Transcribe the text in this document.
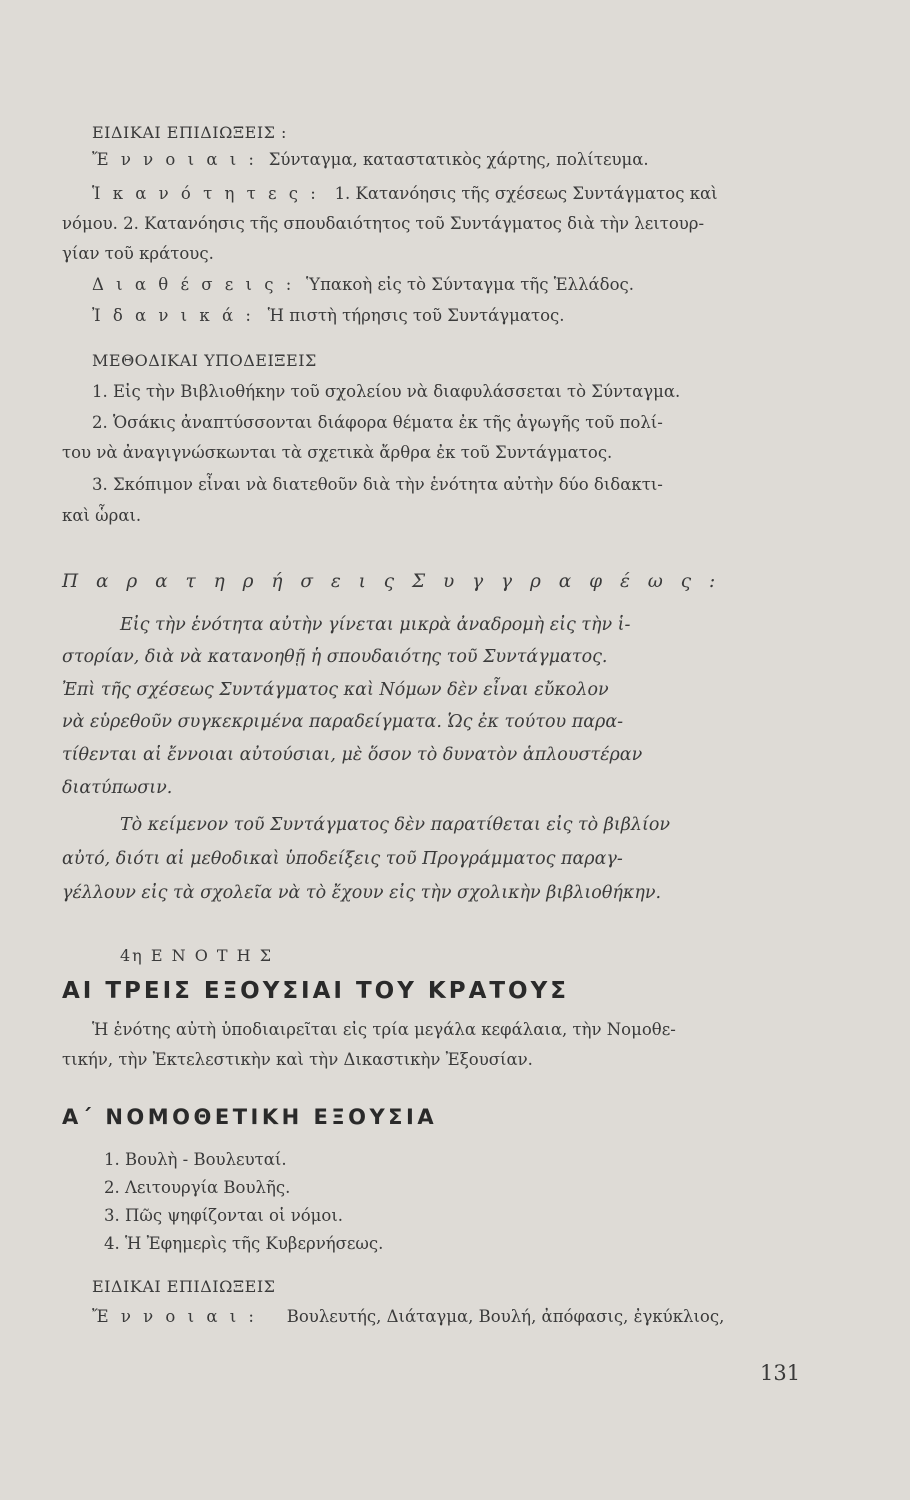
ΕΙΔΙΚΑΙ ΕΠΙΔΙΩΞΕΙΣ :
Ἔ ν ν ο ι α ι : Σύνταγμα, καταστατικὸς χάρτης, πολίτευμα.
Ἱ κ α ν ό τ η τ ε ς : 1. Κατανόησις τῆς σχέσεως Συντάγματος καὶ
νόμου. 2. Κατανόησις τῆς σπουδαιότητος τοῦ Συντάγματος διὰ τὴν λειτουρ-
γίαν τοῦ κράτους.
Δ ι α θ έ σ ε ι ς : Ὑπακοὴ εἰς τὸ Σύνταγμα τῆς Ἑλλάδος.
Ἰ δ α ν ι κ ά : Ἡ πιστὴ τήρησις τοῦ Συντάγματος.
ΜΕΘΟΔΙΚΑΙ ΥΠΟΔΕΙΞΕΙΣ
1. Εἰς τὴν Βιβλιοθήκην τοῦ σχολείου νὰ διαφυλάσσεται τὸ Σύνταγμα.
2. Ὁσάκις ἀναπτύσσονται διάφορα θέματα ἐκ τῆς ἀγωγῆς τοῦ πολί-
του νὰ ἀναγιγνώσκωνται τὰ σχετικὰ ἄρθρα ἐκ τοῦ Συντάγματος.
3. Σκόπιμον εἶναι νὰ διατεθοῦν διὰ τὴν ἑνότητα αὐτὴν δύο διδακτι-
καὶ ὧραι.
Π α ρ α τ η ρ ή σ ε ι ς Σ υ γ γ ρ α φ έ ω ς :
Εἰς τὴν ἑνότητα αὐτὴν γίνεται μικρὰ ἀναδρομὴ εἰς τὴν ἱ-
στορίαν, διὰ νὰ κατανοηθῇ ἡ σπουδαιότης τοῦ Συντάγματος.
Ἐπὶ τῆς σχέσεως Συντάγματος καὶ Νόμων δὲν εἶναι εὔκολον
νὰ εὑρεθοῦν συγκεκριμένα παραδείγματα. Ὡς ἐκ τούτου παρα-
τίθενται αἱ ἔννοιαι αὐτούσιαι, μὲ ὅσον τὸ δυνατὸν ἁπλουστέραν
διατύπωσιν.
Τὸ κείμενον τοῦ Συντάγματος δὲν παρατίθεται εἰς τὸ βιβλίον
αὐτό, διότι αἱ μεθοδικαὶ ὑποδείξεις τοῦ Προγράμματος παραγ-
γέλλουν εἰς τὰ σχολεῖα νὰ τὸ ἔχουν εἰς τὴν σχολικὴν βιβλιοθήκην.
4η Ε Ν Ο Τ Η Σ
ΑΙ ΤΡΕΙΣ ΕΞΟΥΣΙΑΙ ΤΟΥ ΚΡΑΤΟΥΣ
Ἡ ἑνότης αὐτὴ ὑποδιαιρεῖται εἰς τρία μεγάλα κεφάλαια, τὴν Νομοθε-
τικήν, τὴν Ἐκτελεστικὴν καὶ τὴν Δικαστικὴν Ἐξουσίαν.
Α΄ ΝΟΜΟΘΕΤΙΚΗ ΕΞΟΥΣΙΑ
1. Βουλὴ - Βουλευταί.
2. Λειτουργία Βουλῆς.
3. Πῶς ψηφίζονται οἱ νόμοι.
4. Ἡ Ἐφημερὶς τῆς Κυβερνήσεως.
ΕΙΔΙΚΑΙ ΕΠΙΔΙΩΞΕΙΣ
Ἔ ν ν ο ι α ι : Βουλευτής, Διάταγμα, Βουλή, ἀπόφασις, ἐγκύκλιος,
131
